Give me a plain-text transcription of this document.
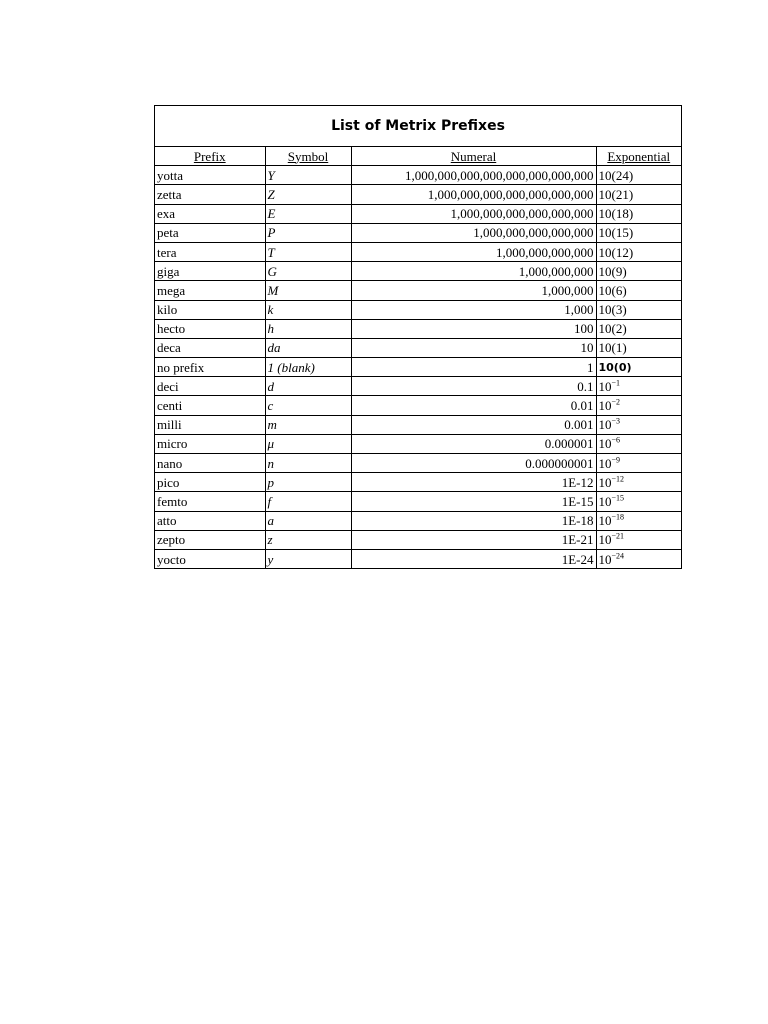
List of Metrix Prefixes
Prefix	Symbol	Numeral	Exponential
yotta	Y	1,000,000,000,000,000,000,000,000	10(24)
zetta	Z	1,000,000,000,000,000,000,000	10(21)
exa	E	1,000,000,000,000,000,000	10(18)
peta	P	1,000,000,000,000,000	10(15)
tera	T	1,000,000,000,000	10(12)
giga	G	1,000,000,000	10(9)
mega	M	1,000,000	10(6)
kilo	k	1,000	10(3)
hecto	h	100	10(2)
deca	da	10	10(1)
no prefix	1 (blank)	1	10(0)
deci	d	0.1	$10^{-1}$
centi	c	0.01	$10^{-2}$
milli	m	0.001	$10^{-3}$
micro	μ	0.000001	$10^{-6}$
nano	n	0.000000001	$10^{-9}$
pico	p	1E-12	$10^{-12}$
femto	f	1E-15	$10^{-15}$
atto	a	1E-18	$10^{-18}$
zepto	z	1E-21	$10^{-21}$
yocto	y	1E-24	$10^{-24}$
